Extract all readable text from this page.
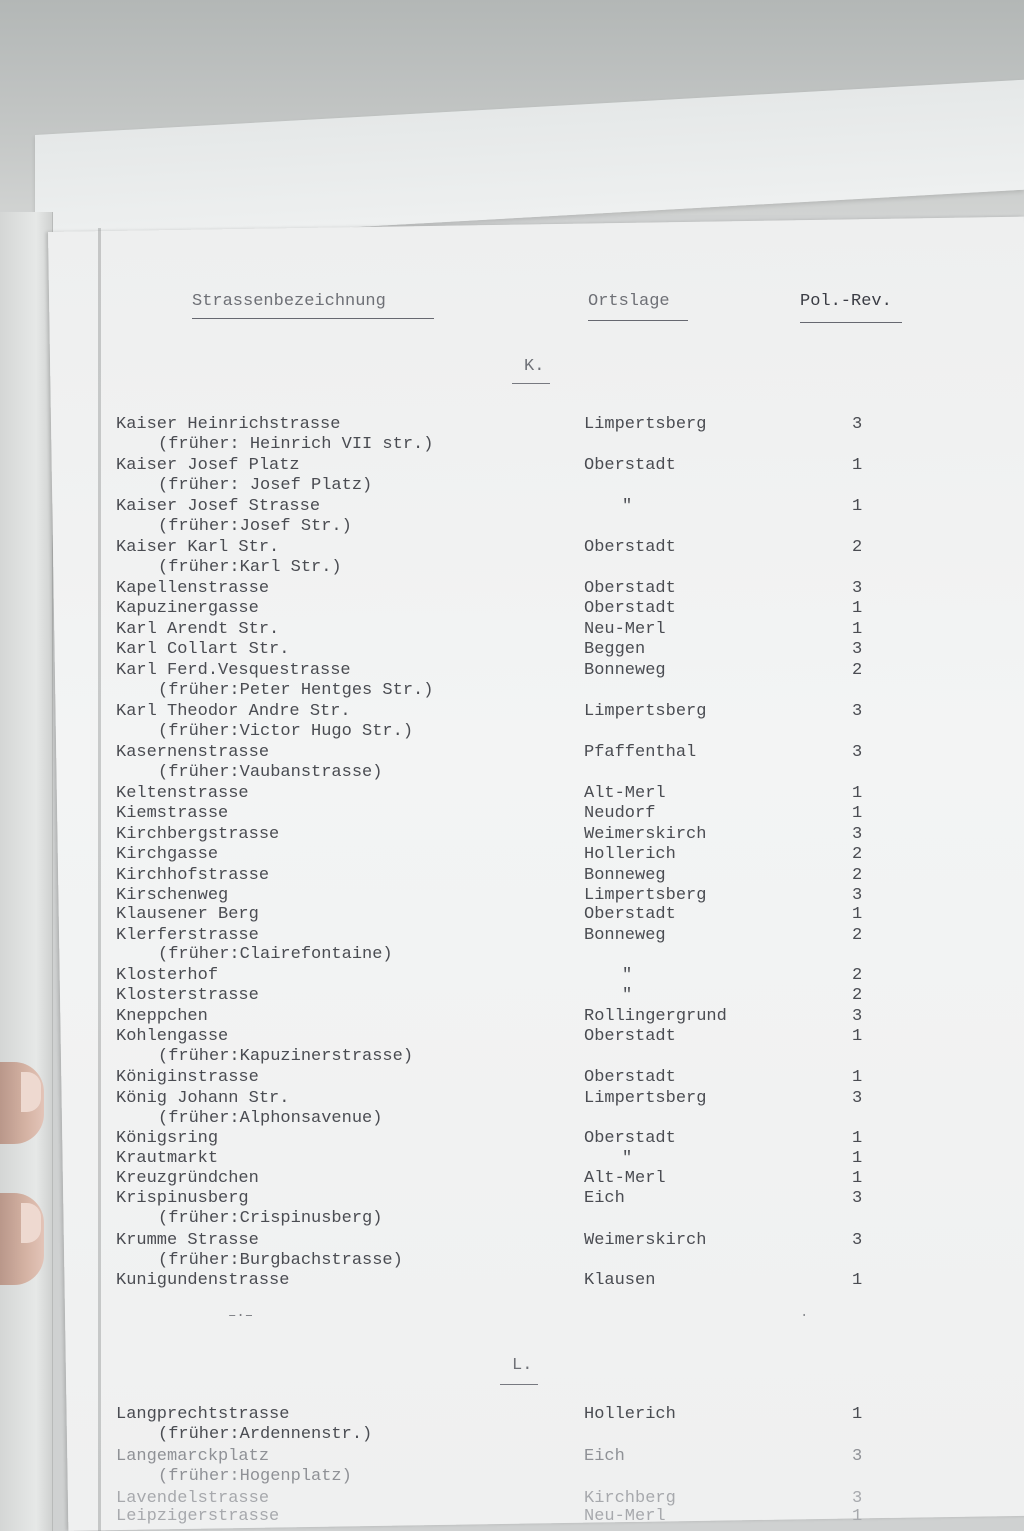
Strassenbezeichnung	Ortslage	Pol.-Rev.
K.
Kaiser Heinrichstrasse	Limpertsberg	3
(früher: Heinrich VII str.)
Kaiser Josef Platz	Oberstadt	1
(früher: Josef Platz)
Kaiser Josef Strasse	"	1
(früher:Josef Str.)
Kaiser Karl Str.	Oberstadt	2
(früher:Karl Str.)
Kapellenstrasse	Oberstadt	3
Kapuzinergasse	Oberstadt	1
Karl Arendt Str.	Neu-Merl	1
Karl Collart Str.	Beggen	3
Karl Ferd.Vesquestrasse	Bonneweg	2
(früher:Peter Hentges Str.)
Karl Theodor Andre Str.	Limpertsberg	3
(früher:Victor Hugo Str.)
Kasernenstrasse	Pfaffenthal	3
(früher:Vaubanstrasse)
Keltenstrasse	Alt-Merl	1
Kiemstrasse	Neudorf	1
Kirchbergstrasse	Weimerskirch	3
Kirchgasse	Hollerich	2
Kirchhofstrasse	Bonneweg	2
Kirschenweg	Limpertsberg	3
Klausener Berg	Oberstadt	1
Klerferstrasse	Bonneweg	2
(früher:Clairefontaine)
Klosterhof	"	2
Klosterstrasse	"	2
Kneppchen	Rollingergrund	3
Kohlengasse	Oberstadt	1
(früher:Kapuzinerstrasse)
Königinstrasse	Oberstadt	1
König Johann Str.	Limpertsberg	3
(früher:Alphonsavenue)
Königsring	Oberstadt	1
Krautmarkt	"	1
Kreuzgründchen	Alt-Merl	1
Krispinusberg	Eich	3
(früher:Crispinusberg)
Krumme Strasse	Weimerskirch	3
(früher:Burgbachstrasse)
Kunigundenstrasse	Klausen	1
–·–	·
L.
Langprechtstrasse	Hollerich	1
(früher:Ardennenstr.)
Langemarckplatz	Eich	3
(früher:Hogenplatz)
Lavendelstrasse	Kirchberg	3
Leipzigerstrasse	Neu-Merl	1
